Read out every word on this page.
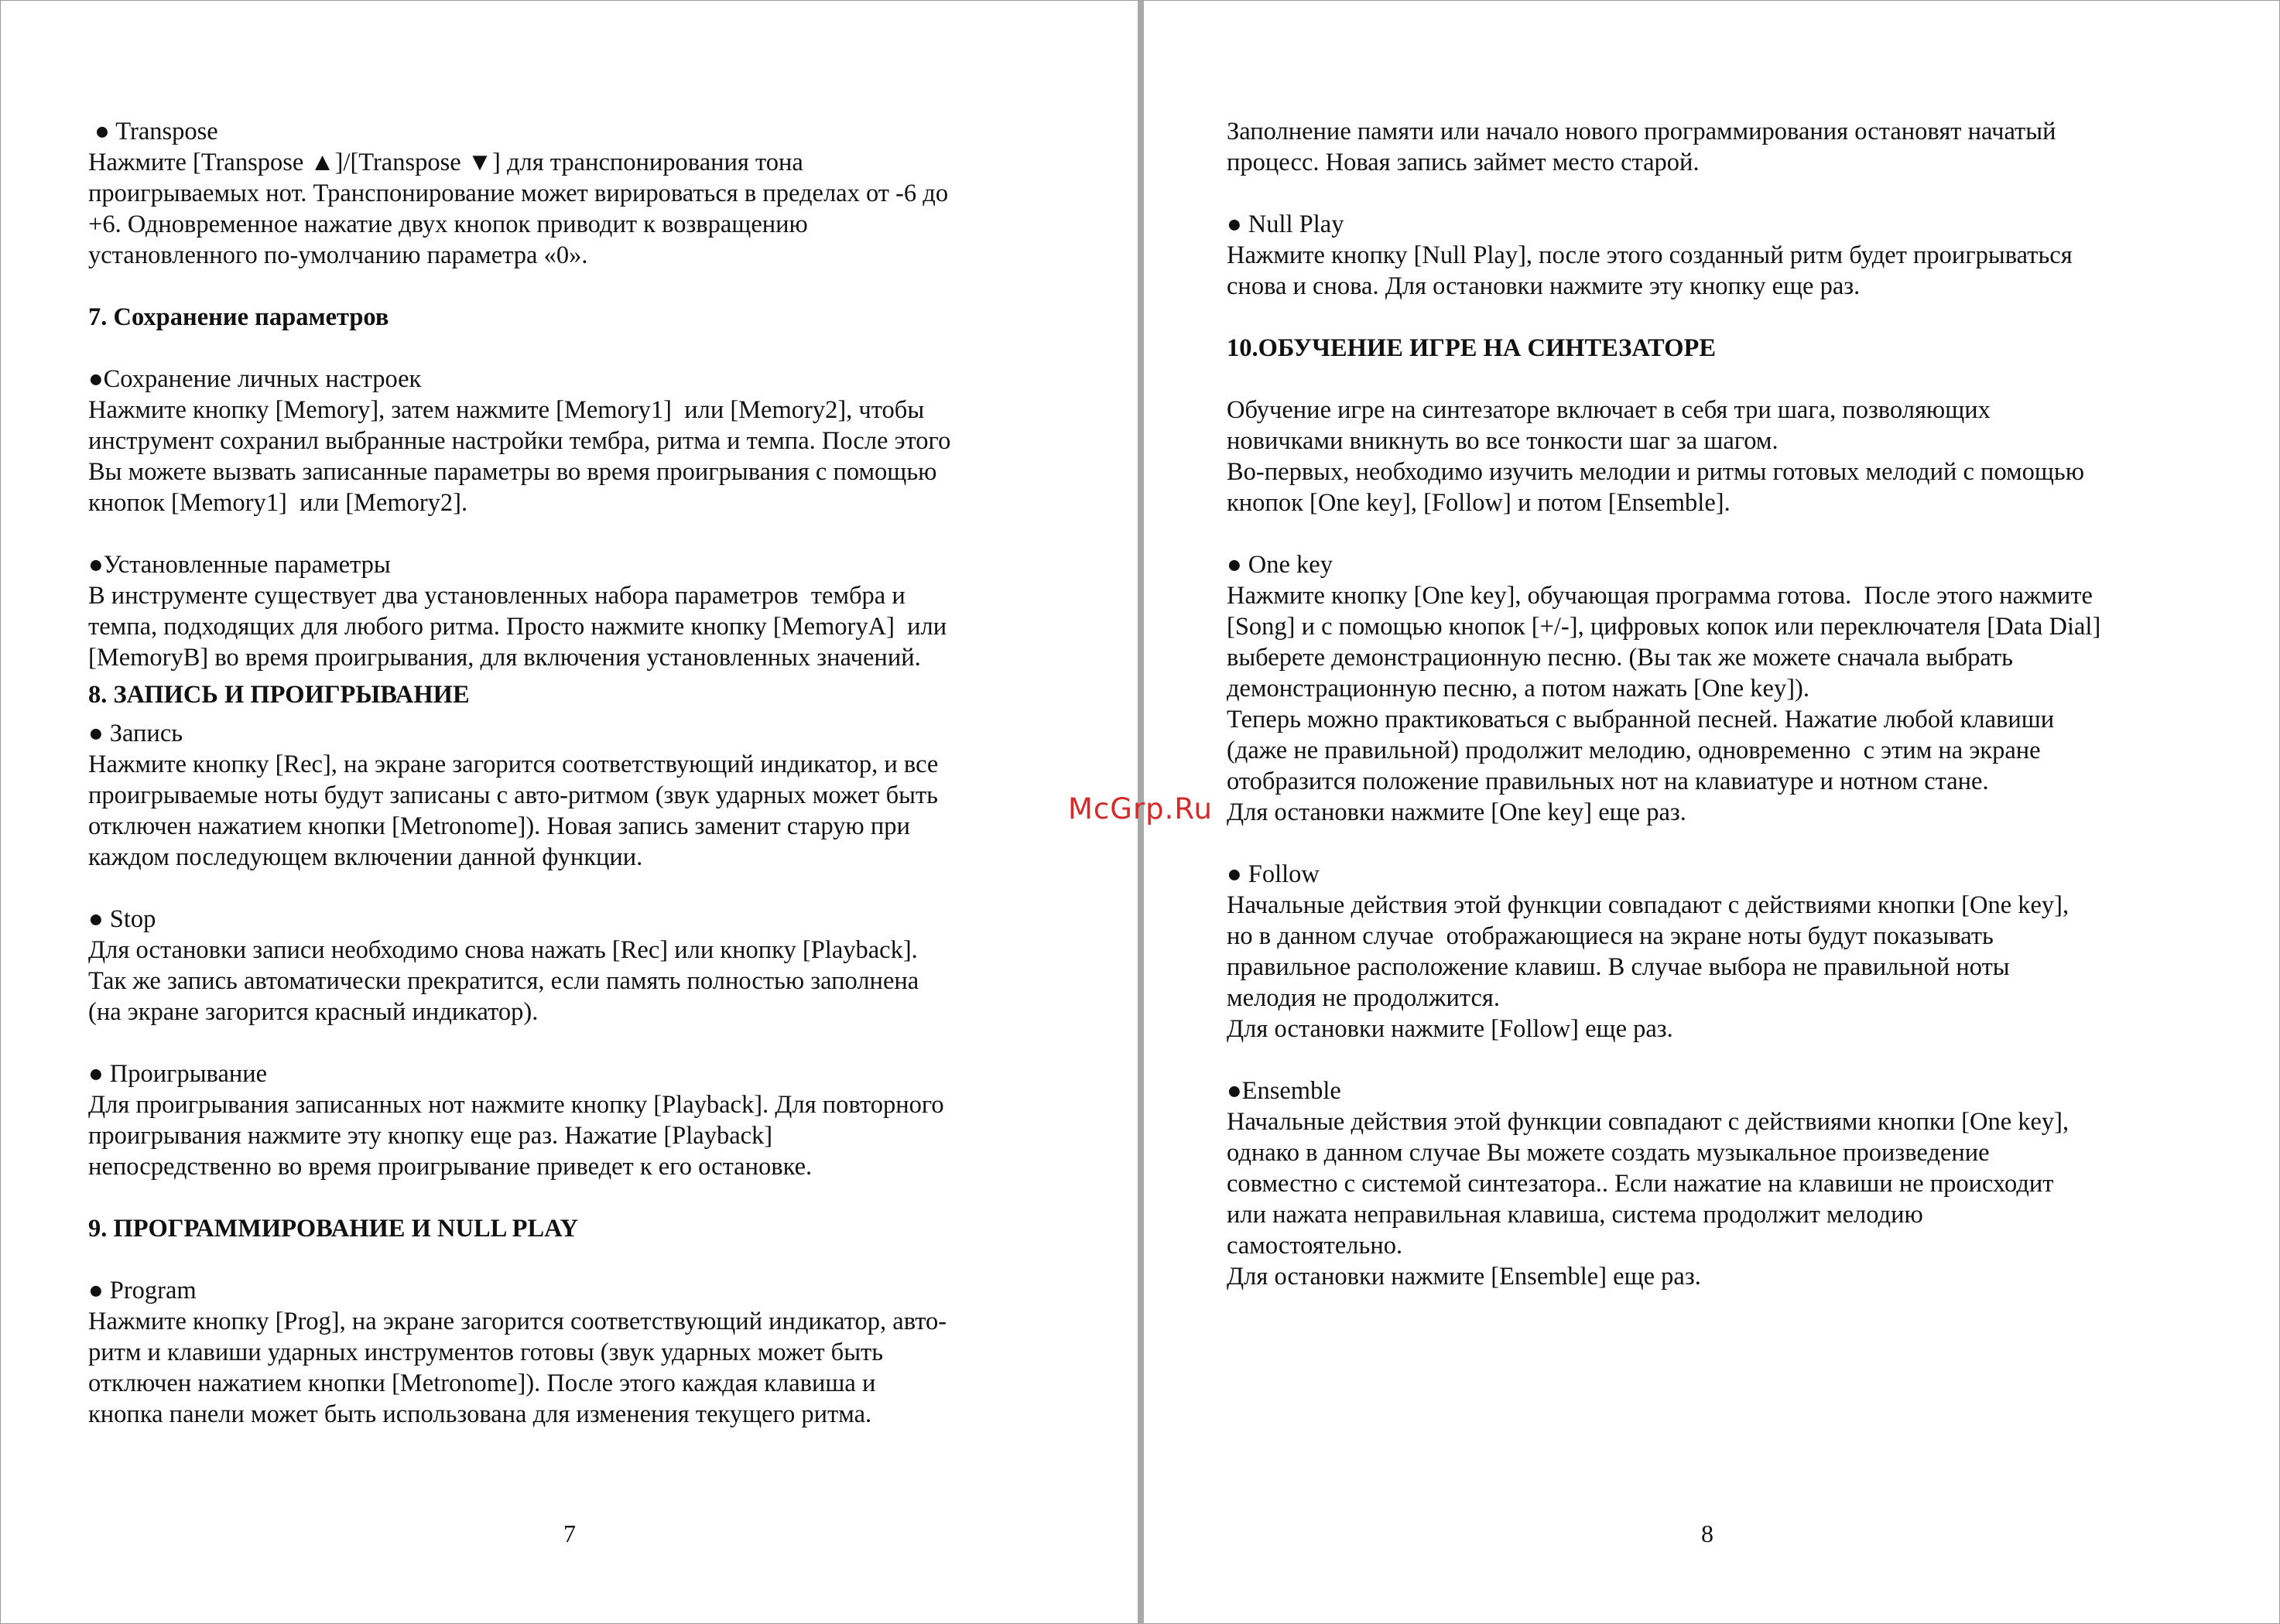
● Transpose
Нажмите [Transpose ▲]/[Transpose ▼] для транспонирования тона
проигрываемых нот. Транспонирование может вирироваться в пределах от -6 до
+6. Одновременное нажатие двух кнопок приводит к возвращению
установленного по-умолчанию параметра «0».
7. Сохранение параметров
●Сохранение личных настроек
Нажмите кнопку [Memory], затем нажмите [Memory1]  или [Memory2], чтобы
инструмент сохранил выбранные настройки тембра, ритма и темпа. После этого
Вы можете вызвать записанные параметры во время проигрывания с помощью
кнопок [Memory1]  или [Memory2].
●Установленные параметры
В инструменте существует два установленных набора параметров  тембра и
темпа, подходящих для любого ритма. Просто нажмите кнопку [MemoryA]  или
[MemoryB] во время проигрывания, для включения установленных значений.
8. ЗАПИСЬ И ПРОИГРЫВАНИЕ
● Запись
Нажмите кнопку [Rec], на экране загорится соответствующий индикатор, и все
проигрываемые ноты будут записаны с авто-ритмом (звук ударных может быть
отключен нажатием кнопки [Metronome]). Новая запись заменит старую при
каждом последующем включении данной функции.
● Stop
Для остановки записи необходимо снова нажать [Rec] или кнопку [Playback].
Так же запись автоматически прекратится, если память полностью заполнена
(на экране загорится красный индикатор).
● Проигрывание
Для проигрывания записанных нот нажмите кнопку [Playback]. Для повторного
проигрывания нажмите эту кнопку еще раз. Нажатие [Playback]
непосредственно во время проигрывание приведет к его остановке.
9. ПРОГРАММИРОВАНИЕ И NULL PLAY
● Program
Нажмите кнопку [Prog], на экране загорится соответствующий индикатор, авто-
ритм и клавиши ударных инструментов готовы (звук ударных может быть
отключен нажатием кнопки [Metronome]). После этого каждая клавиша и
кнопка панели может быть использована для изменения текущего ритма.
Заполнение памяти или начало нового программирования остановят начатый
процесс. Новая запись займет место старой.
● Null Play
Нажмите кнопку [Null Play], после этого созданный ритм будет проигрываться
снова и снова. Для остановки нажмите эту кнопку еще раз.
10.ОБУЧЕНИЕ ИГРЕ НА СИНТЕЗАТОРЕ
Обучение игре на синтезаторе включает в себя три шага, позволяющих
новичками вникнуть во все тонкости шаг за шагом.
Во-первых, необходимо изучить мелодии и ритмы готовых мелодий с помощью
кнопок [One key], [Follow] и потом [Ensemble].
● One key
Нажмите кнопку [One key], обучающая программа готова.  После этого нажмите
[Song] и с помощью кнопок [+/-], цифровых копок или переключателя [Data Dial]
выберете демонстрационную песню. (Вы так же можете сначала выбрать
демонстрационную песню, а потом нажать [One key]).
Теперь можно практиковаться с выбранной песней. Нажатие любой клавиши
(даже не правильной) продолжит мелодию, одновременно  с этим на экране
отобразится положение правильных нот на клавиатуре и нотном стане.
Для остановки нажмите [One key] еще раз.
● Follow
Начальные действия этой функции совпадают с действиями кнопки [One key],
но в данном случае  отображающиеся на экране ноты будут показывать
правильное расположение клавиш. В случае выбора не правильной ноты
мелодия не продолжится.
Для остановки нажмите [Follow] еще раз.
●Ensemble
Начальные действия этой функции совпадают с действиями кнопки [One key],
однако в данном случае Вы можете создать музыкальное произведение
совместно с системой синтезатора.. Если нажатие на клавиши не происходит
или нажата неправильная клавиша, система продолжит мелодию
самостоятельно.
Для остановки нажмите [Ensemble] еще раз.
7	8
McGrp.Ru
